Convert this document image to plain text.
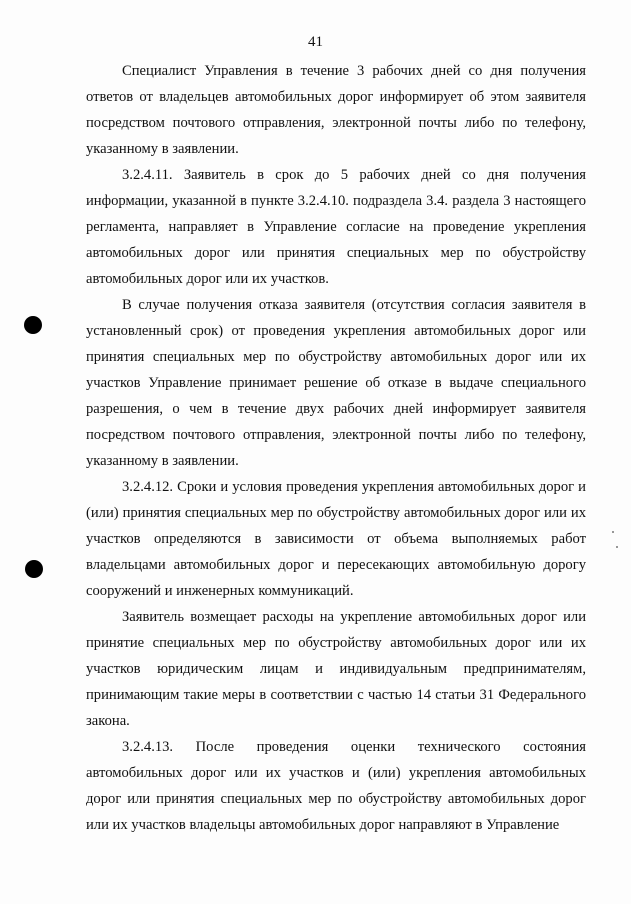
41

Специалист Управления в течение 3 рабочих дней со дня получения ответов от владельцев автомобильных дорог информирует об этом заявителя посредством почтового отправления, электронной почты либо по телефону, указанному в заявлении.

3.2.4.11. Заявитель в срок до 5 рабочих дней со дня получения информации, указанной в пункте 3.2.4.10. подраздела 3.4. раздела 3 настоящего регламента, направляет в Управление согласие на проведение укрепления автомобильных дорог или принятия специальных мер по обустройству автомобильных дорог или их участков.

В случае получения отказа заявителя (отсутствия согласия заявителя в установленный срок) от проведения укрепления автомобильных дорог или принятия специальных мер по обустройству автомобильных дорог или их участков Управление принимает решение об отказе в выдаче специального разрешения, о чем в течение двух рабочих дней информирует заявителя посредством почтового отправления, электронной почты либо по телефону, указанному в заявлении.

3.2.4.12. Сроки и условия проведения укрепления автомобильных дорог и (или) принятия специальных мер по обустройству автомобильных дорог или их участков определяются в зависимости от объема выполняемых работ владельцами автомобильных дорог и пересекающих автомобильную дорогу сооружений и инженерных коммуникаций.

Заявитель возмещает расходы на укрепление автомобильных дорог или принятие специальных мер по обустройству автомобильных дорог или их участков юридическим лицам и индивидуальным предпринимателям, принимающим такие меры в соответствии с частью 14 статьи 31 Федерального закона.

3.2.4.13. После проведения оценки технического состояния автомобильных дорог или их участков и (или) укрепления автомобильных дорог или принятия специальных мер по обустройству автомобильных дорог или их участков владельцы автомобильных дорог направляют в Управление
